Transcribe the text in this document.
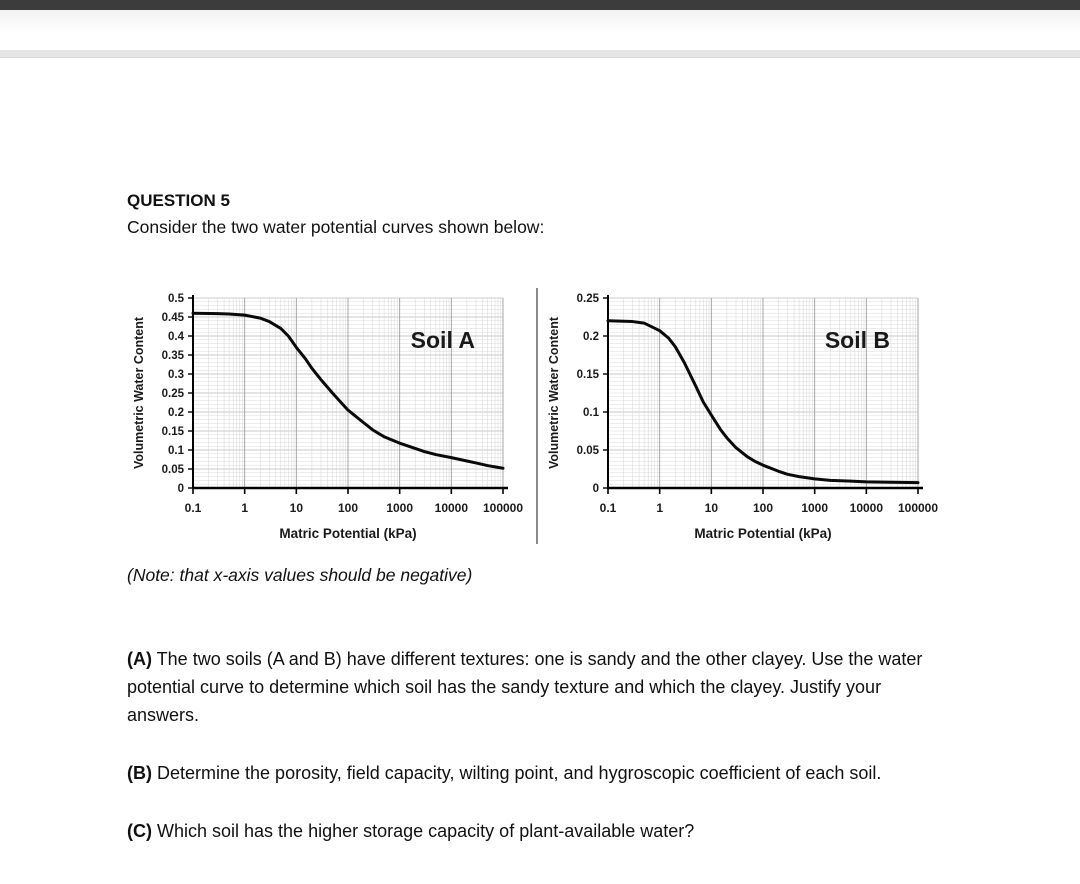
QUESTION 5

Consider the two water potential curves shown below:

0
0.05
0.1
0.15
0.2
0.25
0.3
0.35
0.4
0.45
0.5
0.1	1	10	100 1000 10000 100000
Matric Potential (kPa)
Volumetric Water Content	Soil A
0
0.05
0.1
0.15
0.2
0.25
0.1	1	10	100 1000 10000 100000
Matric Potential (kPa)
Volumetric Water Content	Soil B

(Note: that x-axis values should be negative)

(A) The two soils (A and B) have different textures: one is sandy and the other clayey. Use the water potential curve to determine which soil has the sandy texture and which the clayey. Justify your answers.

(B) Determine the porosity, field capacity, wilting point, and hygroscopic coefficient of each soil.

(C) Which soil has the higher storage capacity of plant-available water?
